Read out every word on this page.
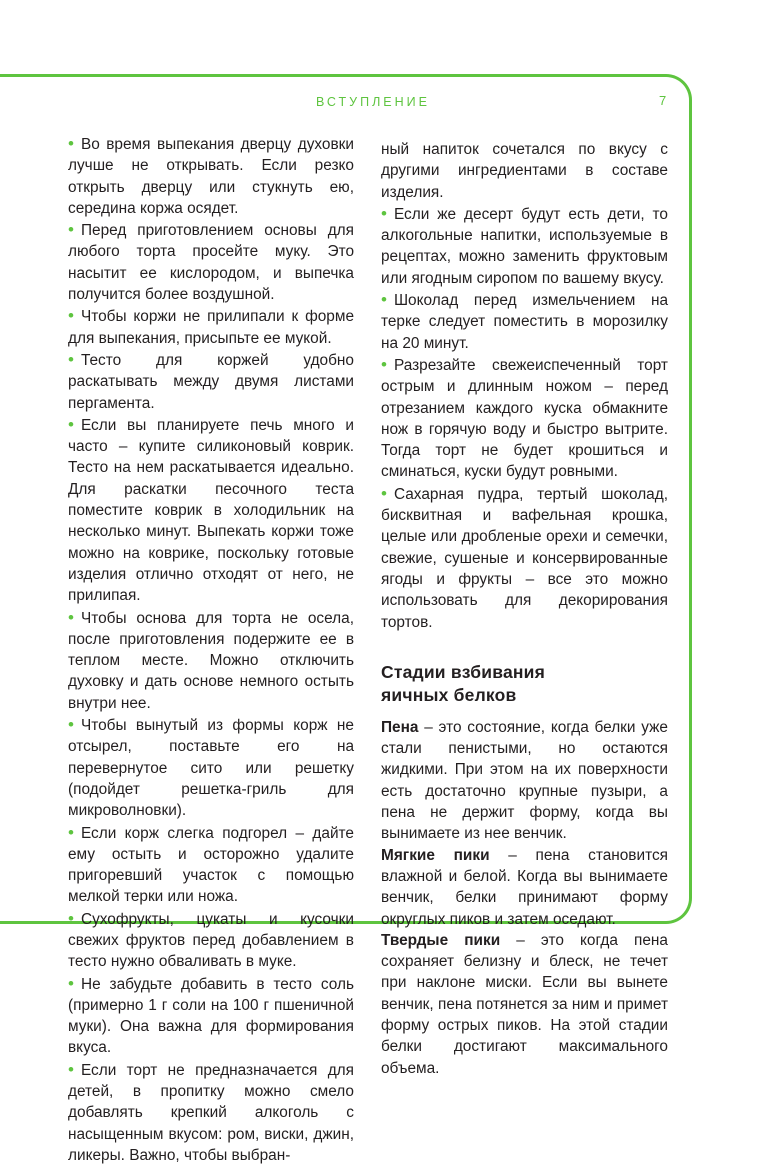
ВСТУПЛЕНИЕ	7

• Во время выпекания дверцу духовки лучше не открывать. Если резко открыть дверцу или стукнуть ею, середина коржа осядет.

• Перед приготовлением основы для любого торта просейте муку. Это насытит ее кислородом, и выпечка получится более воздушной.

• Чтобы коржи не прилипали к форме для выпекания, присыпьте ее мукой.

• Тесто для коржей удобно раскатывать между двумя листами пергамента.

• Если вы планируете печь много и часто – купите силиконовый коврик. Тесто на нем раскатывается идеально. Для раскатки песочного теста поместите коврик в холодильник на несколько минут. Выпекать коржи тоже можно на коврике, поскольку готовые изделия отлично отходят от него, не прилипая.

• Чтобы основа для торта не осела, после приготовления подержите ее в теплом месте. Можно отключить духовку и дать основе немного остыть внутри нее.

• Чтобы вынутый из формы корж не отсырел, поставьте его на перевернутое сито или решетку (подойдет решетка-гриль для микроволновки).

• Если корж слегка подгорел – дайте ему остыть и осторожно удалите пригоревший участок с помощью мелкой терки или ножа.

• Сухофрукты, цукаты и кусочки свежих фруктов перед добавлением в тесто нужно обваливать в муке.

• Не забудьте добавить в тесто соль (примерно 1 г соли на 100 г пшеничной муки). Она важна для формирования вкуса.

• Если торт не предназначается для детей, в пропитку можно смело добавлять крепкий алкоголь с насыщенным вкусом: ром, виски, джин, ликеры. Важно, чтобы выбран-

ный напиток сочетался по вкусу с другими ингредиентами в составе изделия.

• Если же десерт будут есть дети, то алкогольные напитки, используемые в рецептах, можно заменить фруктовым или ягодным сиропом по вашему вкусу.

• Шоколад перед измельчением на терке следует поместить в морозилку на 20 минут.

• Разрезайте свежеиспеченный торт острым и длинным ножом – перед отрезанием каждого куска обмакните нож в горячую воду и быстро вытрите. Тогда торт не будет крошиться и сминаться, куски будут ровными.

• Сахарная пудра, тертый шоколад, бисквитная и вафельная крошка, целые или дробленые орехи и семечки, свежие, сушеные и консервированные ягоды и фрукты – все это можно использовать для декорирования тортов.

Стадии взбивания
яичных белков

Пена – это состояние, когда белки уже стали пенистыми, но остаются жидкими. При этом на их поверхности есть достаточно крупные пузыри, а пена не держит форму, когда вы вынимаете из нее венчик.

Мягкие пики – пена становится влажной и белой. Когда вы вынимаете венчик, белки принимают форму округлых пиков и затем оседают.

Твердые пики – это когда пена сохраняет белизну и блеск, не течет при наклоне миски. Если вы вынете венчик, пена потянется за ним и примет форму острых пиков. На этой стадии белки достигают максимального объема.
